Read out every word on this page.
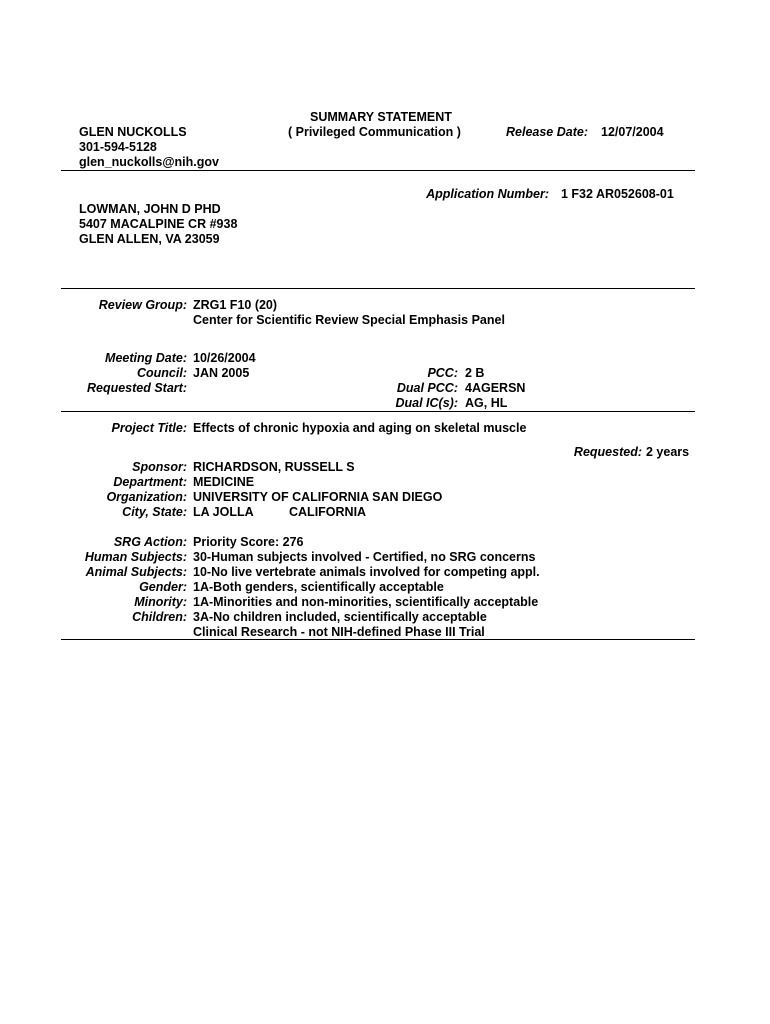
SUMMARY STATEMENT
( Privileged Communication )	Release Date: 12/07/2004
GLEN NUCKOLLS
301-594-5128
glen_nuckolls@nih.gov
Application Number: 1 F32 AR052608-01
LOWMAN, JOHN D PHD
5407 MACALPINE CR #938
GLEN ALLEN, VA 23059
Review Group: ZRG1 F10 (20)
Center for Scientific Review Special Emphasis Panel
Meeting Date: 10/26/2004
Council: JAN 2005
Requested Start:
PCC: 2 B
Dual PCC: 4AGERSN
Dual IC(s): AG, HL
Project Title: Effects of chronic hypoxia and aging on skeletal muscle
Requested: 2 years
Sponsor: RICHARDSON, RUSSELL S
Department: MEDICINE
Organization: UNIVERSITY OF CALIFORNIA SAN DIEGO
City, State: LA JOLLA	CALIFORNIA
SRG Action: Priority Score: 276
Human Subjects: 30-Human subjects involved - Certified, no SRG concerns
Animal Subjects: 10-No live vertebrate animals involved for competing appl.
Gender: 1A-Both genders, scientifically acceptable
Minority: 1A-Minorities and non-minorities, scientifically acceptable
Children: 3A-No children included, scientifically acceptable
Clinical Research - not NIH-defined Phase III Trial
